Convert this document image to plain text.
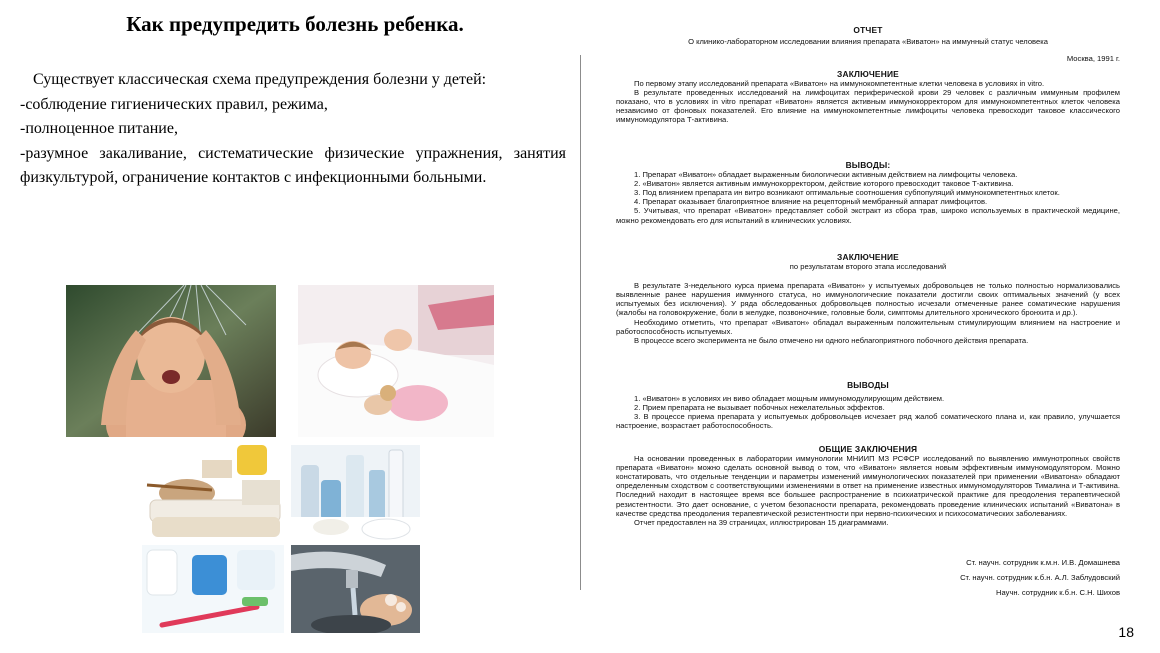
Как предупредить болезнь ребенка.

Существует классическая схема предупреждения болезни у детей:

-соблюдение гигиенических правил, режима,

-полноценное питание,

-разумное закаливание, систематические физические упражнения, занятия физкультурой, ограничение контактов с инфекционными больными.

ОТЧЕТ
О клинико-лабораторном исследовании влияния препарата «Виватон» на иммунный статус человека
Москва, 1991 г.
ЗАКЛЮЧЕНИЕ

По первому этапу исследований препарата «Виватон» на иммунокомпетентные клетки человека в условиях in vitro.

В результате проведенных исследований на лимфоцитах периферической крови 29 человек с различным иммунным профилем показано, что в условиях in vitro препарат «Виватон» является активным иммунокорректором для иммунокомпетентных клеток человека независимо от фоновых показателей. Его влияние на иммунокомпетентные лимфоциты человека превосходит таковое классического иммуномодулятора Т-активина.

ВЫВОДЫ:

1. Препарат «Виватон» обладает выраженным биологически активным действием на лимфоциты человека.

2. «Виватон» является активным иммунокорректором, действие которого превосходит таковое Т-активина.

3. Под влиянием препарата ин витро возникают оптимальные соотношения субпопуляций иммунокомпетентных клеток.

4. Препарат оказывает благоприятное влияние на рецепторный мембранный аппарат лимфоцитов.

5. Учитывая, что препарат «Виватон» представляет собой экстракт из сбора трав, широко используемых в практической медицине, можно рекомендовать его для испытаний в клинических условиях.

ЗАКЛЮЧЕНИЕ
по результатам второго этапа исследований

В результате 3-недельного курса приема препарата «Виватон» у испытуемых добровольцев не только полностью нормализовались выявленные ранее нарушения иммунного статуса, но иммунологические показатели достигли своих оптимальных значений (у всех испытуемых без исключения). У ряда обследованных добровольцев полностью исчезали отмеченные ранее соматические нарушения (жалобы на головокружение, боли в желудке, позвоночнике, головные боли, симптомы длительного хронического бронхита и др.).

Необходимо отметить, что препарат «Виватон» обладал выраженным положительным стимулирующим влиянием на настроение и работоспособность испытуемых.

В процессе всего эксперимента не было отмечено ни одного неблагоприятного побочного действия препарата.

ВЫВОДЫ

1. «Виватон» в условиях ин виво обладает мощным иммуномодулирующим действием.

2. Прием препарата не вызывает побочных нежелательных эффектов.

3. В процессе приема препарата у испытуемых добровольцев исчезает ряд жалоб соматического плана и, как правило, улучшается настроение, возрастает работоспособность.

ОБЩИЕ ЗАКЛЮЧЕНИЯ

На основании проведенных в лаборатории иммунологии МНИИП МЗ РСФСР исследований по выявлению иммунотропных свойств препарата «Виватон» можно сделать основной вывод о том, что «Виватон» является новым эффективным иммуномодулятором. Можно констатировать, что отдельные тенденции и параметры изменений иммунологических показателей при применении «Виватона» обладают определенным сходством с соответствующими изменениями в ответ на применение известных иммуномодуляторов Тималина и Т-активина. Последний находит в настоящее время все большее распространение в психиатрической практике для преодоления терапевтической резистентности. Это дает основание, с учетом безопасности препарата, рекомендовать проведение клинических испытаний «Виватона» в качестве средства преодоления терапевтической резистентности при нервно-психических и психосоматических заболеваниях.

Отчет предоставлен на 39 страницах, иллюстрирован 15 диаграммами.

Ст. научн. сотрудник к.м.н. И.В. Домашнева

Ст. научн. сотрудник к.б.н. А.Л. Заблудовский

Научн. сотрудник к.б.н. С.Н. Шихов

18
